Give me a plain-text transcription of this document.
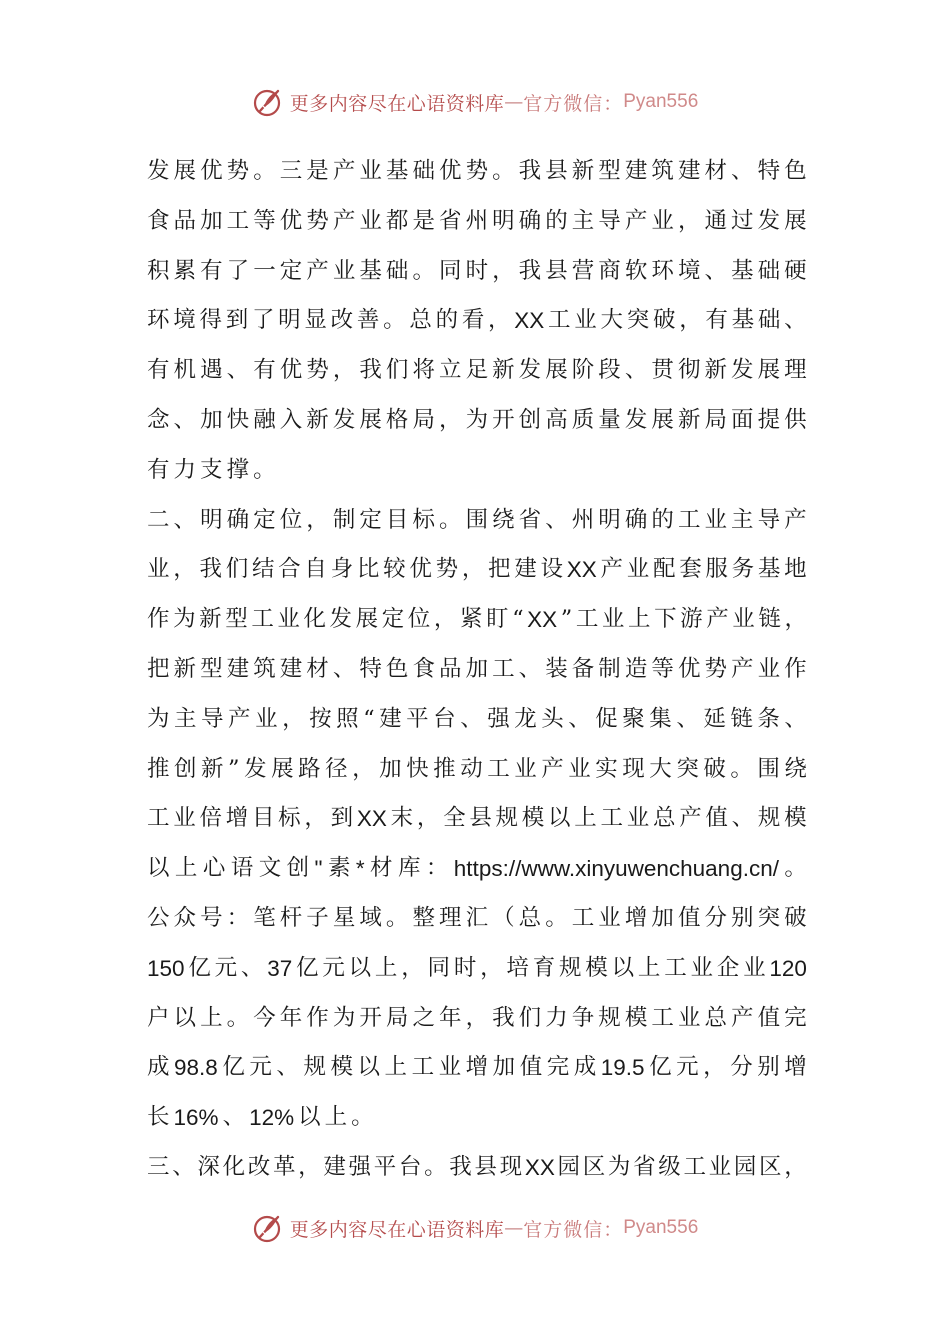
更多内容尽在心语资料库 — 官方微信： Pyan556
发 展 优 势 。 三 是 产 业 基 础 优 势 。 我 县 新 型 建 筑 建 材 、 特 色
食 品 加 工 等 优 势 产 业 都 是 省 州 明 确 的 主 导 产 业 ， 通 过 发 展
积 累 有 了 一 定 产 业 基 础 。 同 时 ， 我 县 营 商 软 环 境 、 基 础 硬
环 境 得 到 了 明 显 改 善 。 总 的 看 ， XX 工 业 大 突 破 ， 有 基 础 、
有 机 遇 、 有 优 势 ， 我 们 将 立 足 新 发 展 阶 段 、 贯 彻 新 发 展 理
念 、 加 快 融 入 新 发 展 格 局 ， 为 开 创 高 质 量 发 展 新 局 面 提 供
有 力 支 撑 。
二 、 明 确 定 位 ， 制 定 目 标 。 围 绕 省 、 州 明 确 的 工 业 主 导 产
业 ， 我 们 结 合 自 身 比 较 优 势 ， 把 建 设 XX 产 业 配 套 服 务 基 地
作 为 新 型 工 业 化 发 展 定 位 ， 紧 盯 “ XX ” 工 业 上 下 游 产 业 链 ，
把 新 型 建 筑 建 材 、 特 色 食 品 加 工 、 装 备 制 造 等 优 势 产 业 作
为 主 导 产 业 ， 按 照 “ 建 平 台 、 强 龙 头 、 促 聚 集 、 延 链 条 、
推 创 新 ” 发 展 路 径 ， 加 快 推 动 工 业 产 业 实 现 大 突 破 。 围 绕
工 业 倍 增 目 标 ， 到 XX 末 ， 全 县 规 模 以 上 工 业 总 产 值 、 规 模
以 上 心 语 文 创 " 素 * 材 库 ： https://www.xinyuwenchuang.cn/ 。
公 众 号 ： 笔 杆 子 星 域 。 整 理 汇 （ 总 。 工 业 增 加 值 分 别 突 破
150 亿 元 、 37 亿 元 以 上 ， 同 时 ， 培 育 规 模 以 上 工 业 企 业 120
户 以 上 。 今 年 作 为 开 局 之 年 ， 我 们 力 争 规 模 工 业 总 产 值 完
成 98.8 亿 元 、 规 模 以 上 工 业 增 加 值 完 成 19.5 亿 元 ， 分 别 增
长 16% 、 12% 以 上 。
三 、 深 化 改 革 ， 建 强 平 台 。 我 县 现 XX 园 区 为 省 级 工 业 园 区 ，
更多内容尽在心语资料库 — 官方微信： Pyan556
